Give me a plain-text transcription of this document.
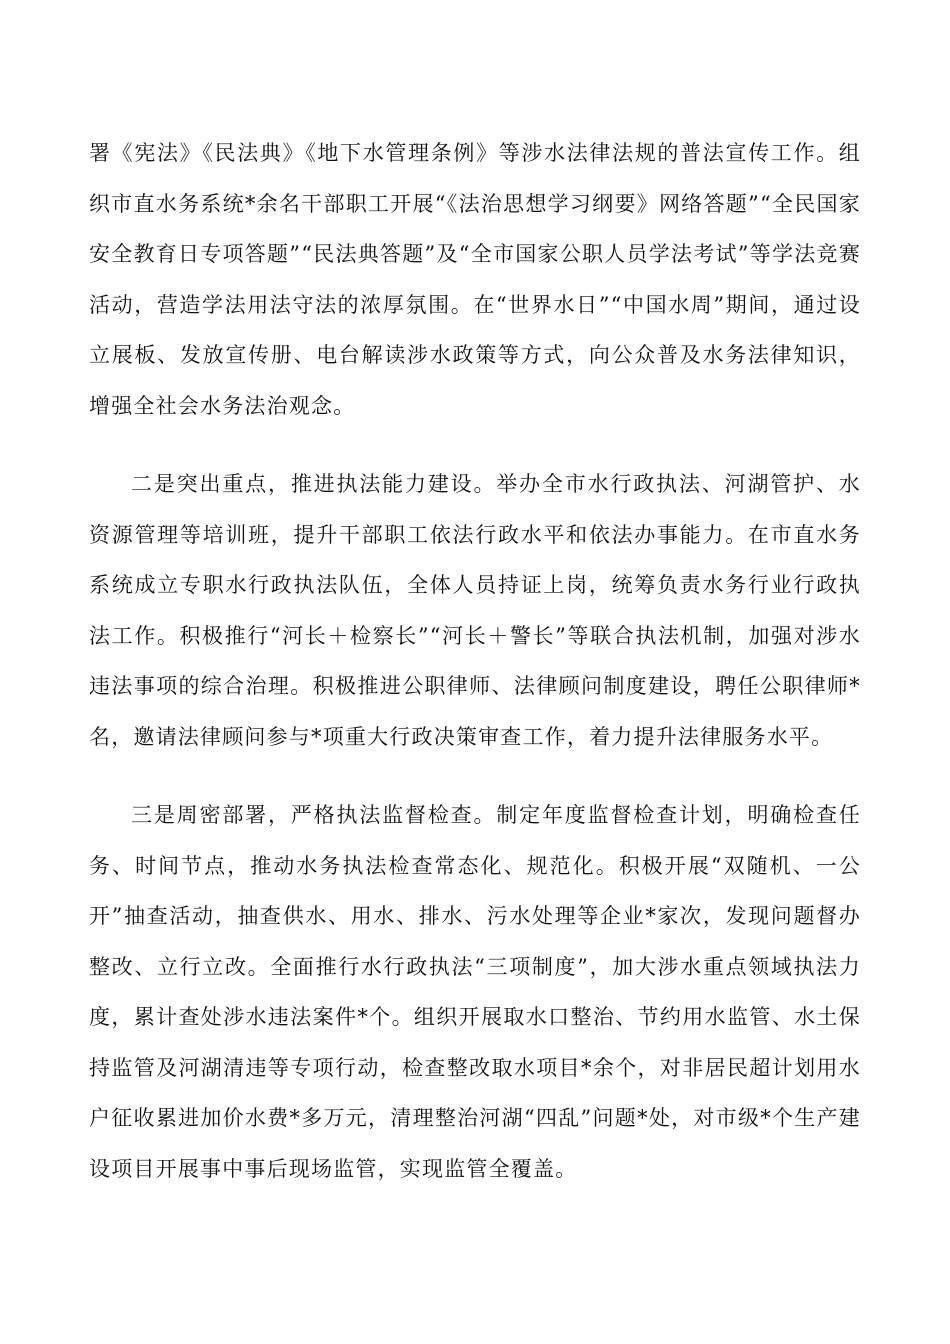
署《宪法》《民法典》《地下水管理条例》等涉水法律法规的普法宣传工作。组织市直水务系统*余名干部职工开展“《法治思想学习纲要》网络答题”“全民国家安全教育日专项答题”“民法典答题”及“全市国家公职人员学法考试”等学法竞赛活动，营造学法用法守法的浓厚氛围。在“世界水日”“中国水周”期间，通过设立展板、发放宣传册、电台解读涉水政策等方式，向公众普及水务法律知识，增强全社会水务法治观念。

二是突出重点，推进执法能力建设。举办全市水行政执法、河湖管护、水资源管理等培训班，提升干部职工依法行政水平和依法办事能力。在市直水务系统成立专职水行政执法队伍，全体人员持证上岗，统筹负责水务行业行政执法工作。积极推行“河长＋检察长”“河长＋警长”等联合执法机制，加强对涉水违法事项的综合治理。积极推进公职律师、法律顾问制度建设，聘任公职律师*名，邀请法律顾问参与*项重大行政决策审查工作，着力提升法律服务水平。

三是周密部署，严格执法监督检查。制定年度监督检查计划，明确检查任务、时间节点，推动水务执法检查常态化、规范化。积极开展“双随机、一公开”抽查活动，抽查供水、用水、排水、污水处理等企业*家次，发现问题督办整改、立行立改。全面推行水行政执法“三项制度”，加大涉水重点领域执法力度，累计查处涉水违法案件*个。组织开展取水口整治、节约用水监管、水土保持监管及河湖清违等专项行动，检查整改取水项目*余个，对非居民超计划用水户征收累进加价水费*多万元，清理整治河湖“四乱”问题*处，对市级*个生产建设项目开展事中事后现场监管，实现监管全覆盖。
